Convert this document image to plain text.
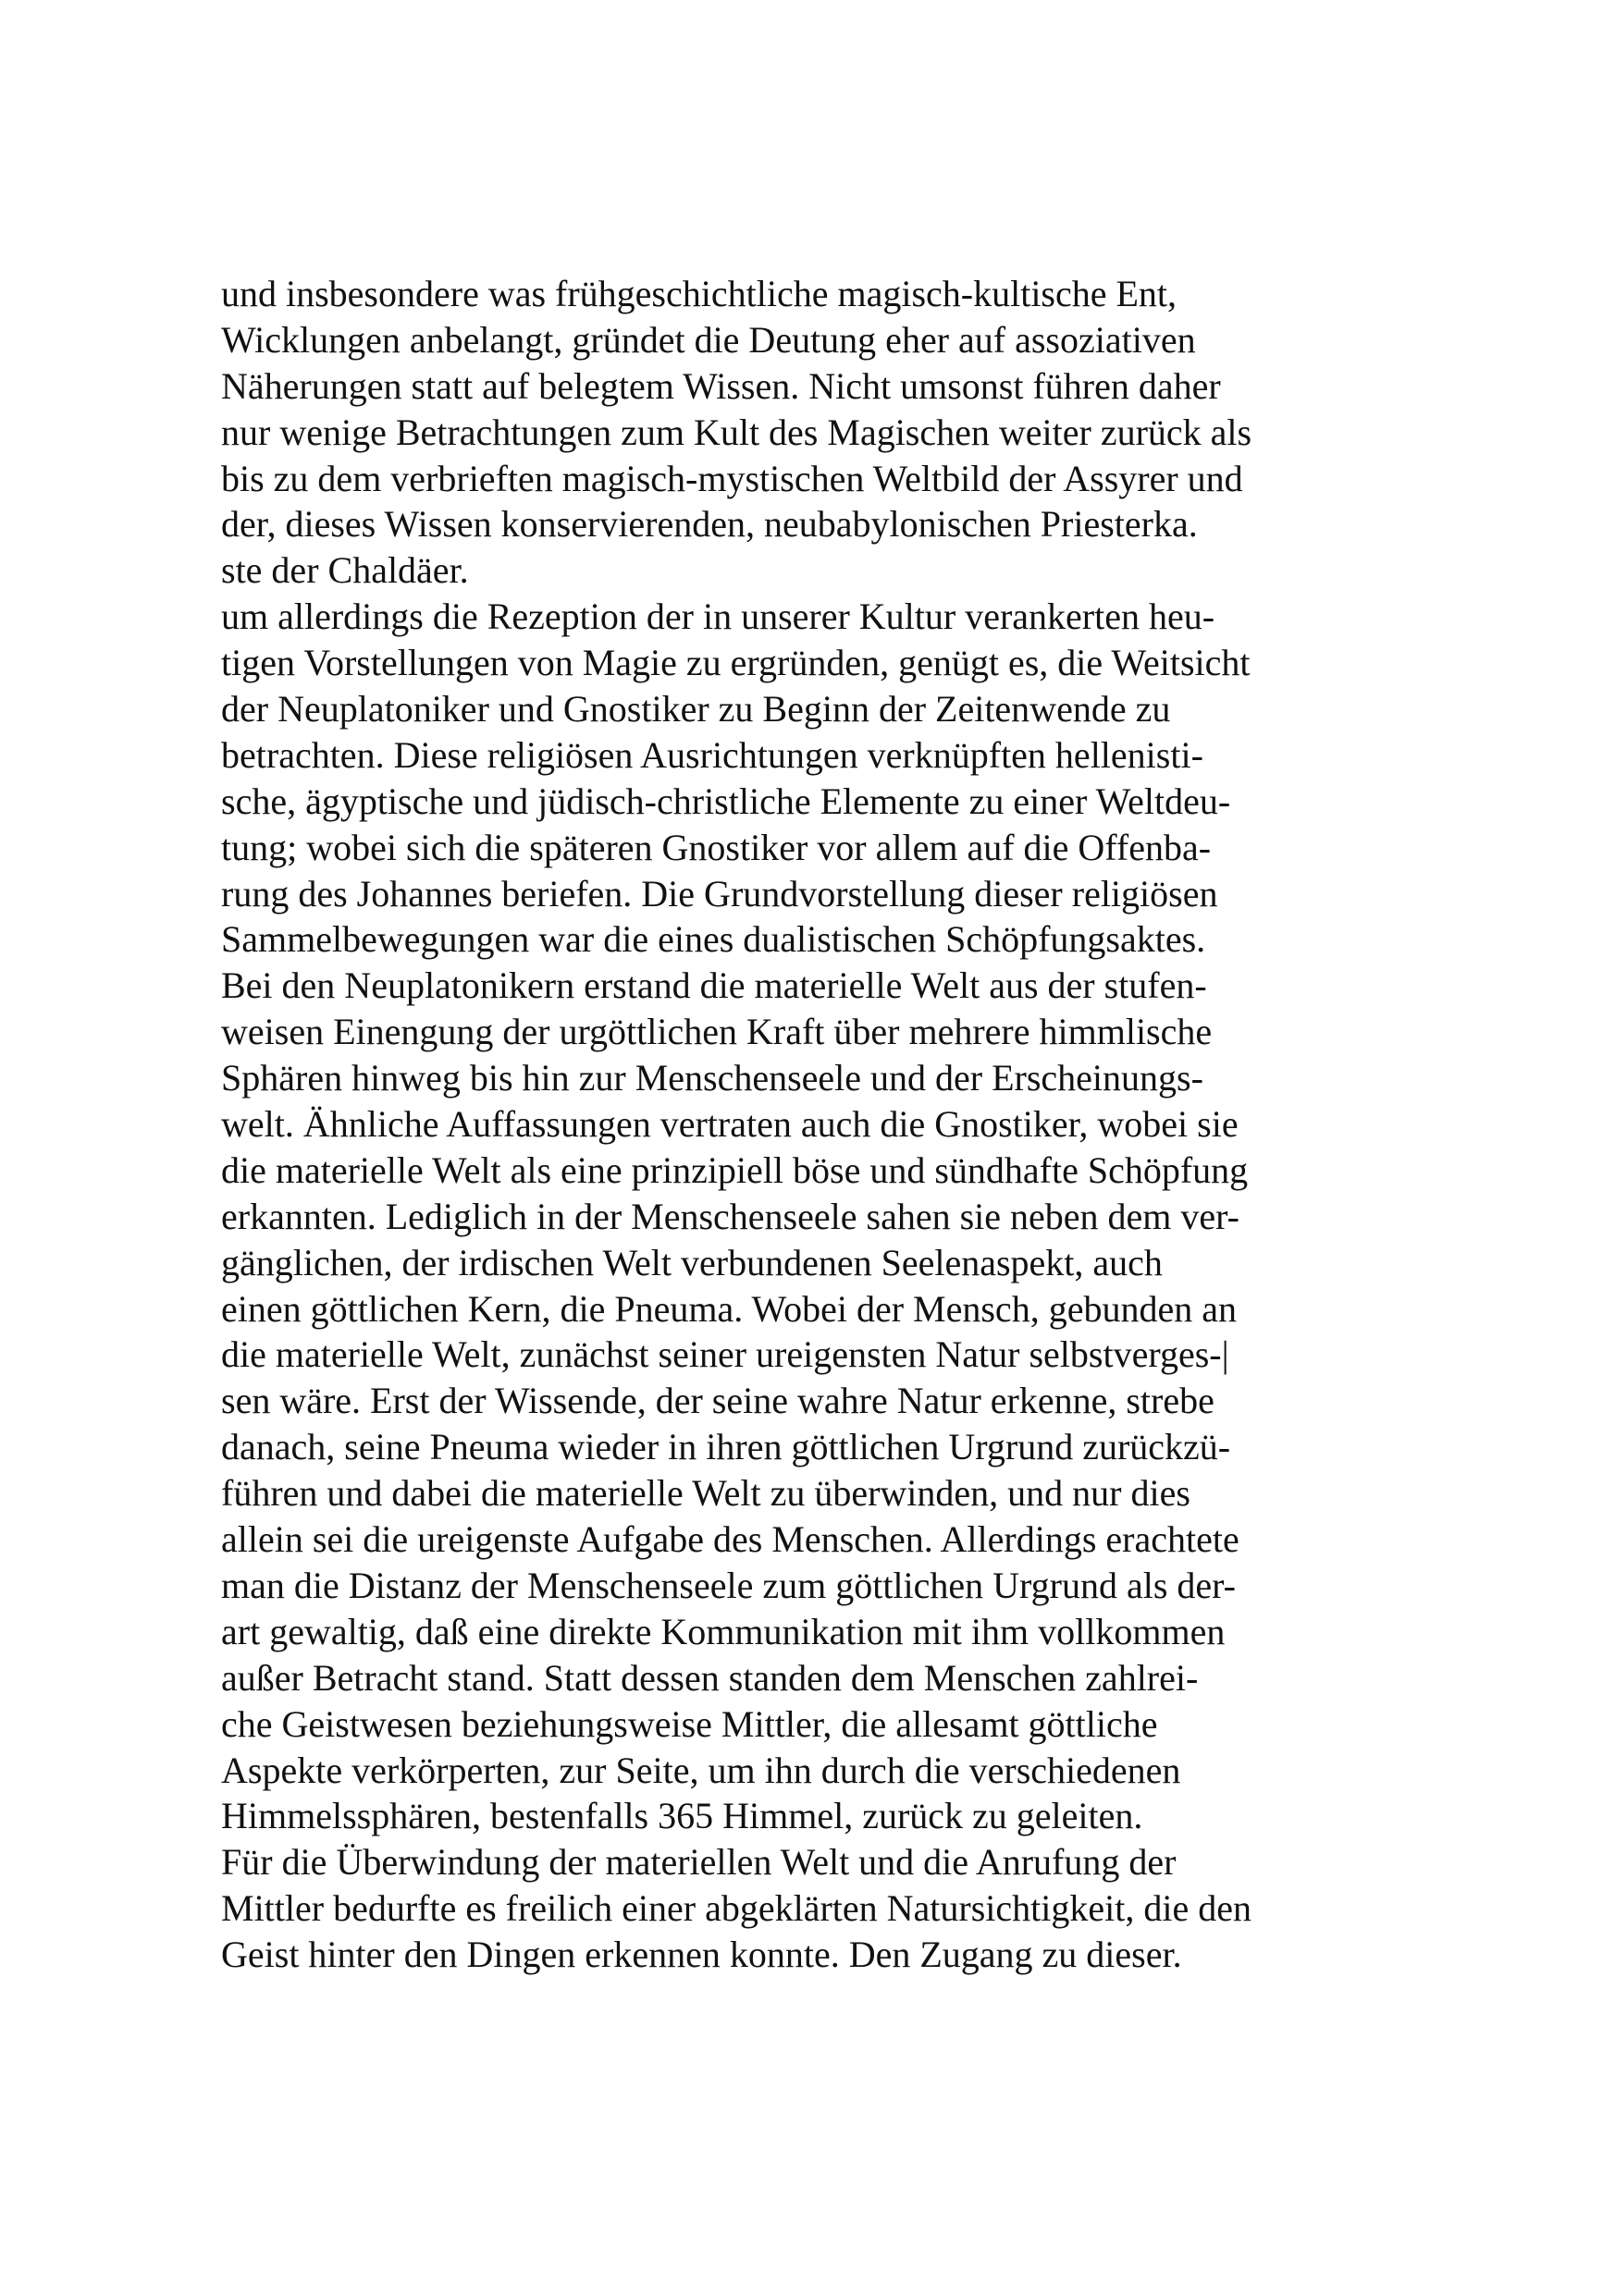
und insbesondere was frühgeschichtliche magisch-kultische Ent,
Wicklungen anbelangt, gründet die Deutung eher auf assoziativen
Näherungen statt auf belegtem Wissen. Nicht umsonst führen daher
nur wenige Betrachtungen zum Kult des Magischen weiter zurück als
bis zu dem verbrieften magisch-mystischen Weltbild der Assyrer und
der, dieses Wissen konservierenden, neubabylonischen Priesterka.
ste der Chaldäer.
um allerdings die Rezeption der in unserer Kultur verankerten heu-
tigen Vorstellungen von Magie zu ergründen, genügt es, die Weitsicht
der Neuplatoniker und Gnostiker zu Beginn der Zeitenwende zu
betrachten. Diese religiösen Ausrichtungen verknüpften hellenisti-
sche, ägyptische und jüdisch-christliche Elemente zu einer Weltdeu-
tung; wobei sich die späteren Gnostiker vor allem auf die Offenba-
rung des Johannes beriefen. Die Grundvorstellung dieser religiösen
Sammelbewegungen war die eines dualistischen Schöpfungsaktes.
Bei den Neuplatonikern erstand die materielle Welt aus der stufen-
weisen Einengung der urgöttlichen Kraft über mehrere himmlische
Sphären hinweg bis hin zur Menschenseele und der Erscheinungs-
welt. Ähnliche Auffassungen vertraten auch die Gnostiker, wobei sie
die materielle Welt als eine prinzipiell böse und sündhafte Schöpfung
erkannten. Lediglich in der Menschenseele sahen sie neben dem ver-
gänglichen, der irdischen Welt verbundenen Seelenaspekt, auch
einen göttlichen Kern, die Pneuma. Wobei der Mensch, gebunden an
die materielle Welt, zunächst seiner ureigensten Natur selbstverges-|
sen wäre. Erst der Wissende, der seine wahre Natur erkenne, strebe
danach, seine Pneuma wieder in ihren göttlichen Urgrund zurückzü-
führen und dabei die materielle Welt zu überwinden, und nur dies
allein sei die ureigenste Aufgabe des Menschen. Allerdings erachtete
man die Distanz der Menschenseele zum göttlichen Urgrund als der-
art gewaltig, daß eine direkte Kommunikation mit ihm vollkommen
außer Betracht stand. Statt dessen standen dem Menschen zahlrei-
che Geistwesen beziehungsweise Mittler, die allesamt göttliche
Aspekte verkörperten, zur Seite, um ihn durch die verschiedenen
Himmelssphären, bestenfalls 365 Himmel, zurück zu geleiten.
Für die Überwindung der materiellen Welt und die Anrufung der
Mittler bedurfte es freilich einer abgeklärten Natursichtigkeit, die den
Geist hinter den Dingen erkennen konnte. Den Zugang zu dieser.
